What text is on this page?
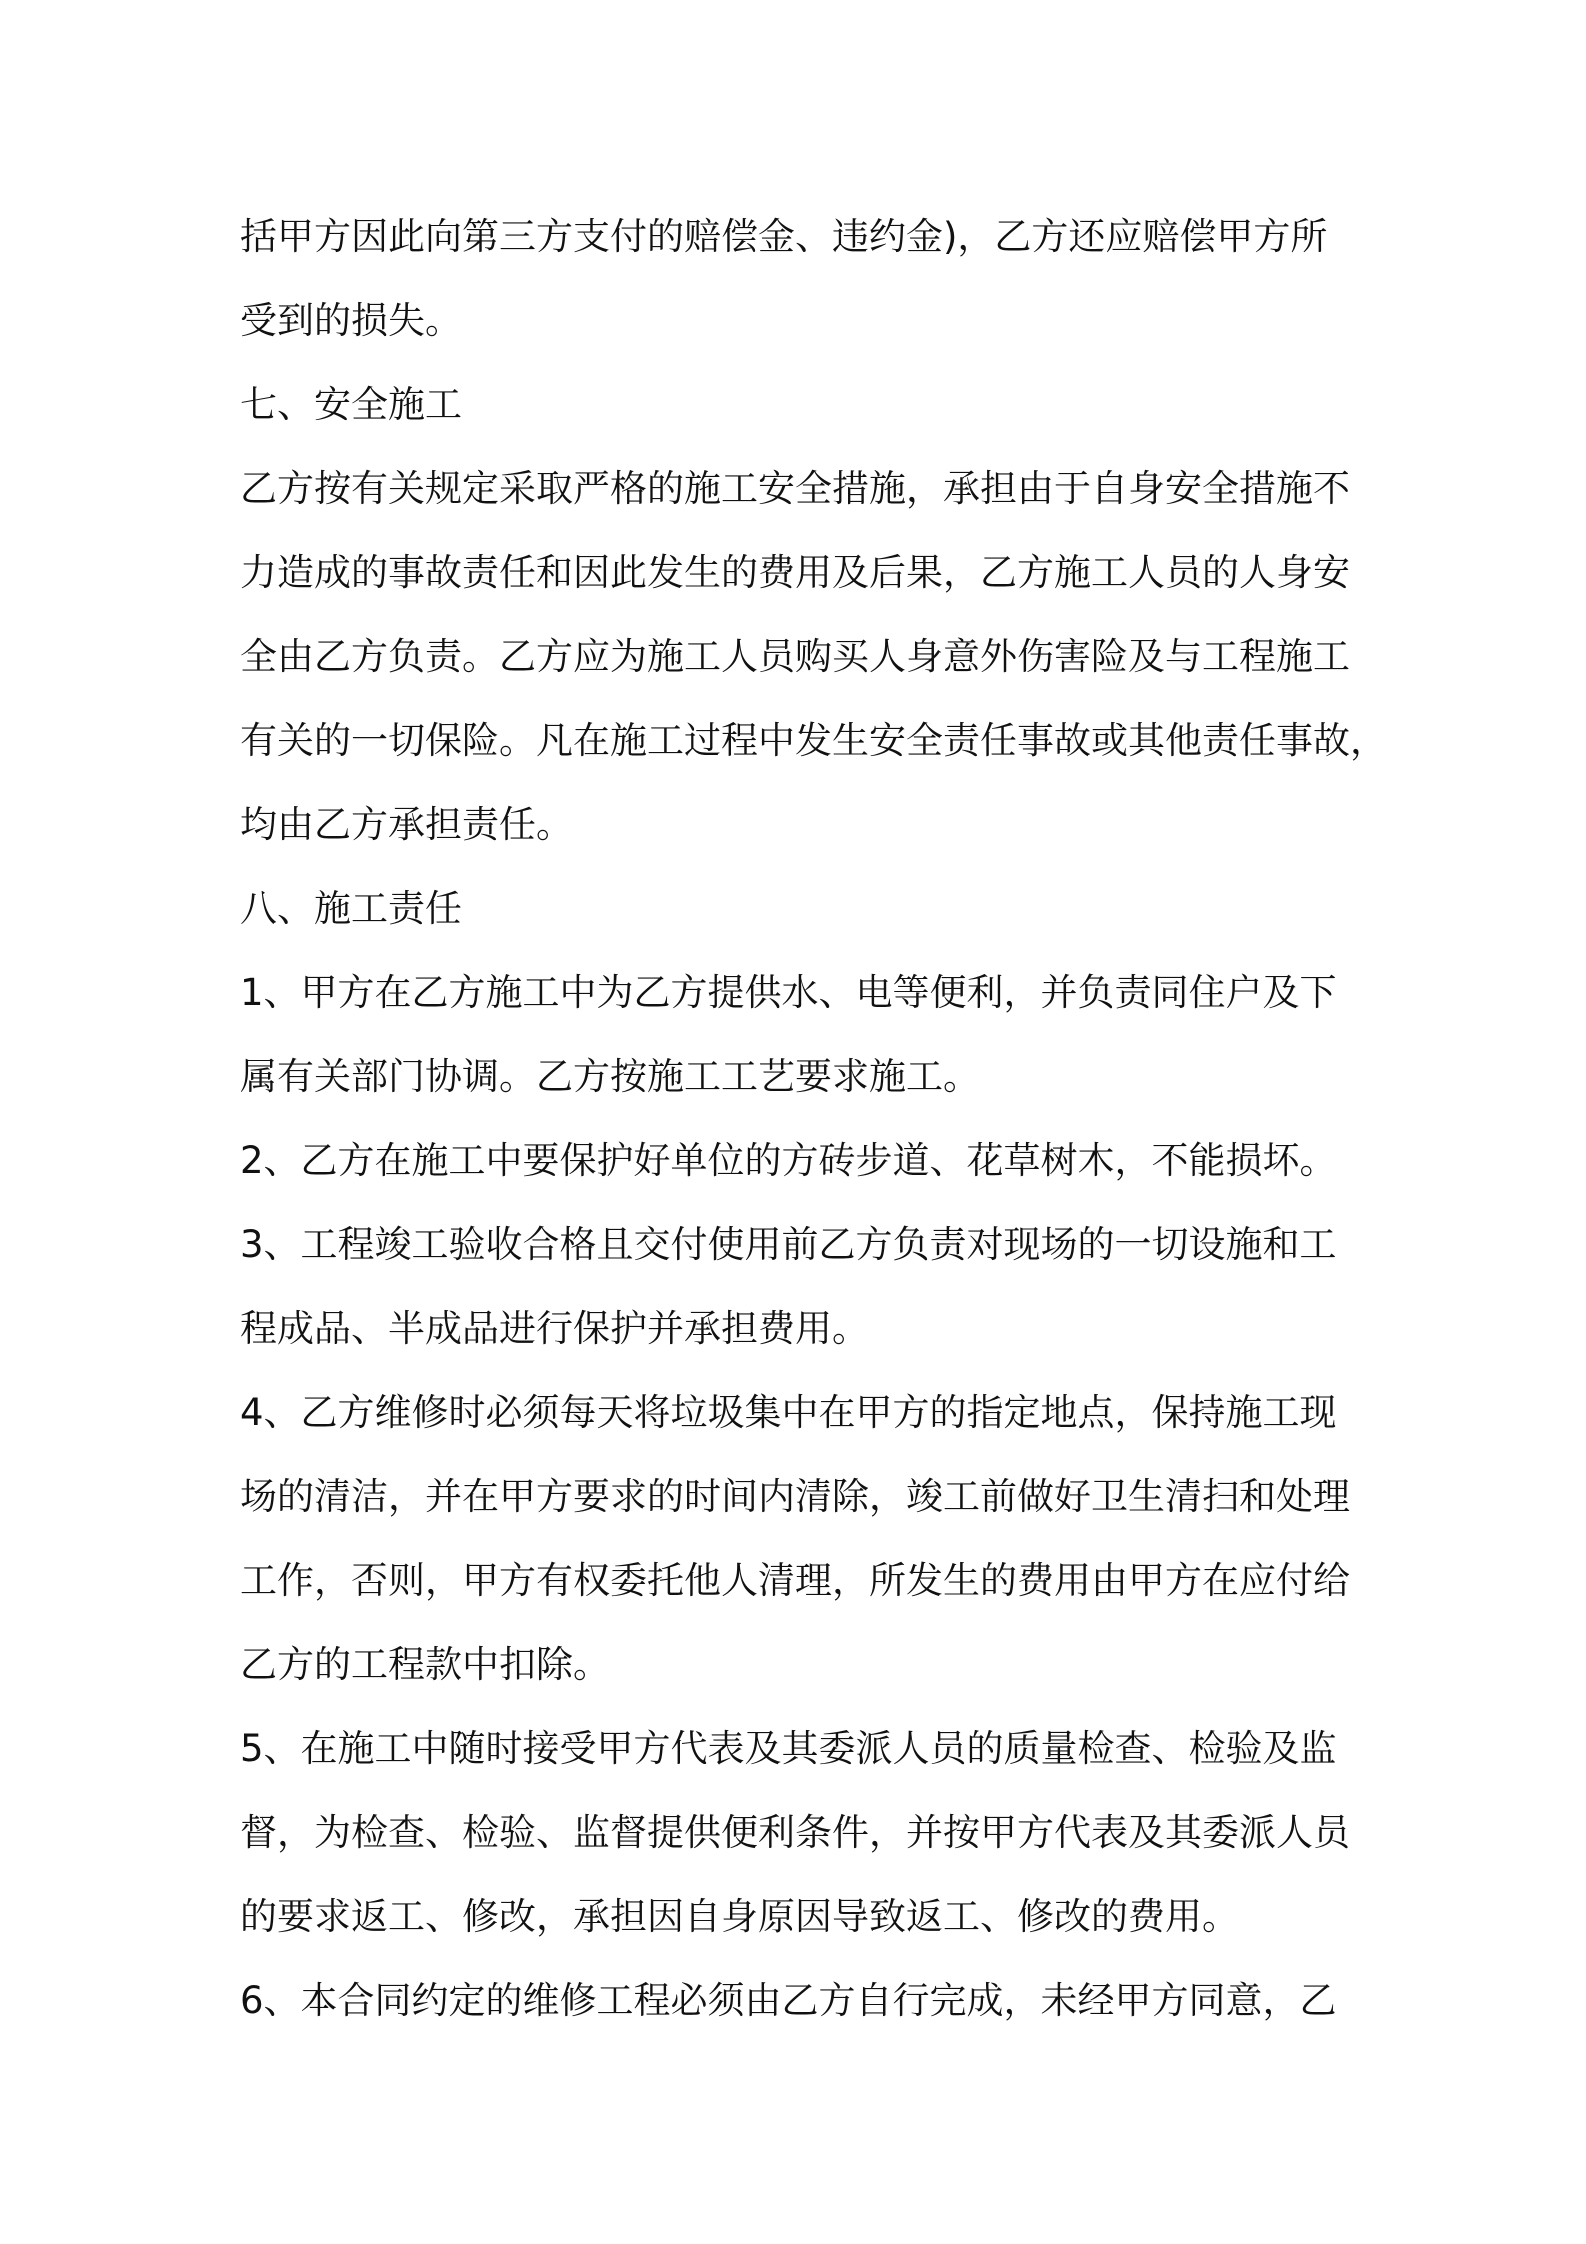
括甲方因此向第三方支付的赔偿金、违约金)，乙方还应赔偿甲方所
受到的损失。
七、安全施工
乙方按有关规定采取严格的施工安全措施，承担由于自身安全措施不
力造成的事故责任和因此发生的费用及后果，乙方施工人员的人身安
全由乙方负责。乙方应为施工人员购买人身意外伤害险及与工程施工
有关的一切保险。凡在施工过程中发生安全责任事故或其他责任事故，
均由乙方承担责任。
八、施工责任
1、甲方在乙方施工中为乙方提供水、电等便利，并负责同住户及下
属有关部门协调。乙方按施工工艺要求施工。
2、乙方在施工中要保护好单位的方砖步道、花草树木，不能损坏。
3、工程竣工验收合格且交付使用前乙方负责对现场的一切设施和工
程成品、半成品进行保护并承担费用。
4、乙方维修时必须每天将垃圾集中在甲方的指定地点，保持施工现
场的清洁，并在甲方要求的时间内清除，竣工前做好卫生清扫和处理
工作，否则，甲方有权委托他人清理，所发生的费用由甲方在应付给
乙方的工程款中扣除。
5、在施工中随时接受甲方代表及其委派人员的质量检查、检验及监
督，为检查、检验、监督提供便利条件，并按甲方代表及其委派人员
的要求返工、修改，承担因自身原因导致返工、修改的费用。
6、本合同约定的维修工程必须由乙方自行完成，未经甲方同意，乙
